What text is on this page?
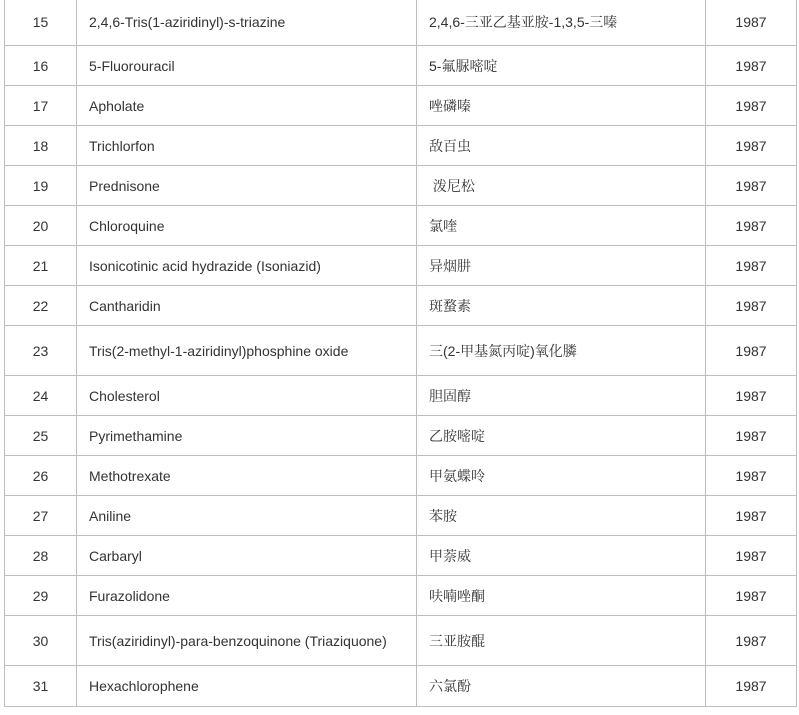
15	2,4,6-Tris(1-aziridinyl)-s-triazine	2,4,6-三亚乙基亚胺-1,3,5-三嗪	1987
16	5-Fluorouracil	5-氟脲嘧啶	1987
17	Apholate	唑磷嗪	1987
18	Trichlorfon	敌百虫	1987
19	Prednisone	泼尼松	1987
20	Chloroquine	氯喹	1987
21	Isonicotinic acid hydrazide (Isoniazid)	异烟肼	1987
22	Cantharidin	斑蝥素	1987
23	Tris(2-methyl-1-aziridinyl)phosphine oxide	三(2-甲基氮丙啶)氧化膦	1987
24	Cholesterol	胆固醇	1987
25	Pyrimethamine	乙胺嘧啶	1987
26	Methotrexate	甲氨蝶呤	1987
27	Aniline	苯胺	1987
28	Carbaryl	甲萘威	1987
29	Furazolidone	呋喃唑酮	1987
30	Tris(aziridinyl)-para-benzoquinone (Triaziquone)	三亚胺醌	1987
31	Hexachlorophene	六氯酚	1987
